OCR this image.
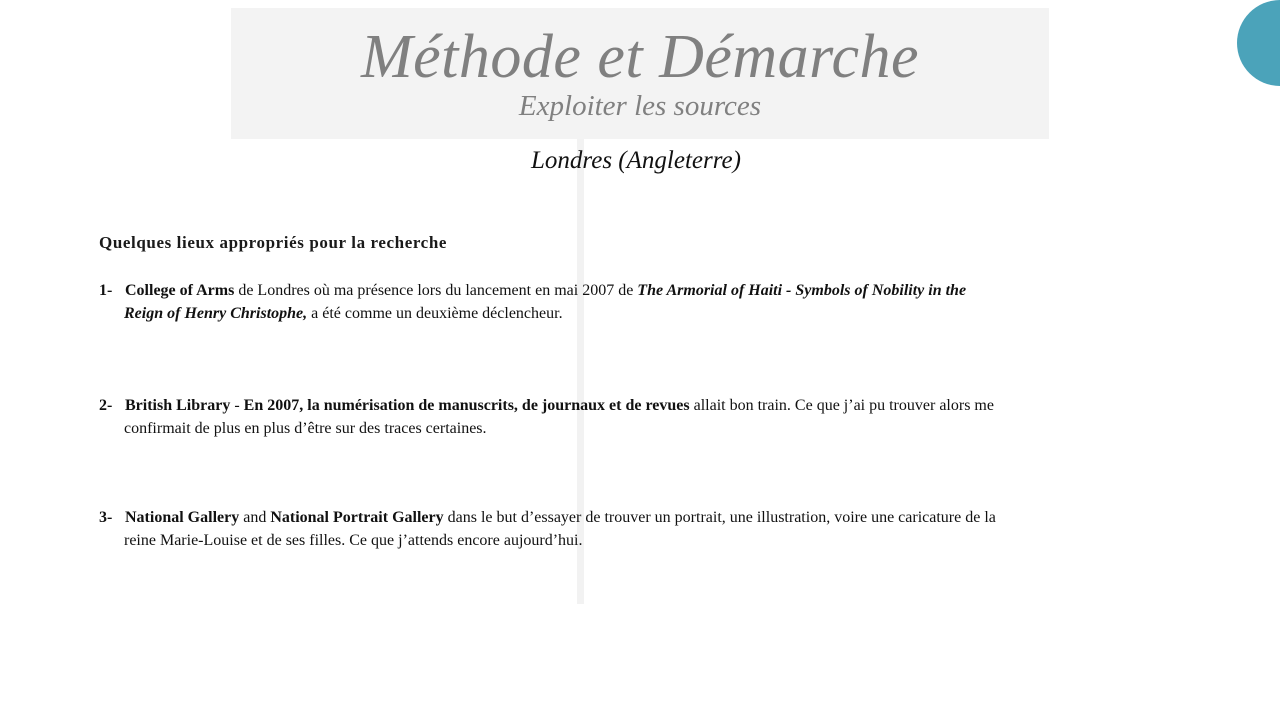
Méthode et Démarche
Exploiter les sources
Londres (Angleterre)
Quelques lieux appropriés pour la recherche
1- College of Arms de Londres où ma présence lors du lancement en mai 2007 de The Armorial of Haiti - Symbols of Nobility in the
Reign of Henry Christophe, a été comme un deuxième déclencheur.
2- British Library - En 2007, la numérisation de manuscrits, de journaux et de revues allait bon train. Ce que j’ai pu trouver alors me
confirmait de plus en plus d’être sur des traces certaines.
3- National Gallery and National Portrait Gallery dans le but d’essayer de trouver un portrait, une illustration, voire une caricature de la
reine Marie-Louise et de ses filles. Ce que j’attends encore aujourd’hui.
